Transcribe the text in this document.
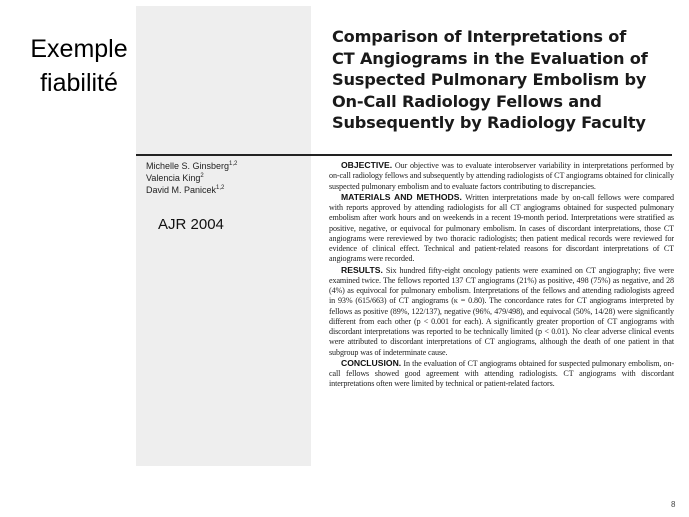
Exemple
fiabilité
Comparison of Interpretations of
CT Angiograms in the Evaluation of
Suspected Pulmonary Embolism by
On-Call Radiology Fellows and
Subsequently by Radiology Faculty
Michelle S. Ginsberg$^{1,2}$
Valencia King$^2$
David M. Panicek$^{1,2}$
AJR 2004

OBJECTIVE. Our objective was to evaluate interobserver variability in interpretations performed by on-call radiology fellows and subsequently by attending radiologists of CT angiograms obtained for clinically suspected pulmonary embolism and to evaluate factors contributing to discrepancies.

MATERIALS AND METHODS. Written interpretations made by on-call fellows were compared with reports approved by attending radiologists for all CT angiograms obtained for suspected pulmonary embolism after work hours and on weekends in a recent 19-month period. Interpretations were stratified as positive, negative, or equivocal for pulmonary embolism. In cases of discordant interpretations, those CT angiograms were rereviewed by two thoracic radiologists; then patient medical records were reviewed for evidence of clinical effect. Technical and patient-related reasons for discordant interpretations of CT angiograms were recorded.

RESULTS. Six hundred fifty-eight oncology patients were examined on CT angiography; five were examined twice. The fellows reported 137 CT angiograms (21%) as positive, 498 (75%) as negative, and 28 (4%) as equivocal for pulmonary embolism. Interpretations of the fellows and attending radiologists agreed in 93% (615/663) of CT angiograms (κ = 0.80). The concordance rates for CT angiograms interpreted by fellows as positive (89%, 122/137), negative (96%, 479/498), and equivocal (50%, 14/28) were significantly different from each other (p < 0.001 for each). A significantly greater proportion of CT angiograms with discordant interpretations was reported to be technically limited (p < 0.01). No clear adverse clinical events were attributed to discordant interpretations of CT angiograms, although the death of one patient in that subgroup was of indeterminate cause.

CONCLUSION. In the evaluation of CT angiograms obtained for suspected pulmonary embolism, on-call fellows showed good agreement with attending radiologists. CT angiograms with discordant interpretations often were limited by technical or patient-related factors.

8
